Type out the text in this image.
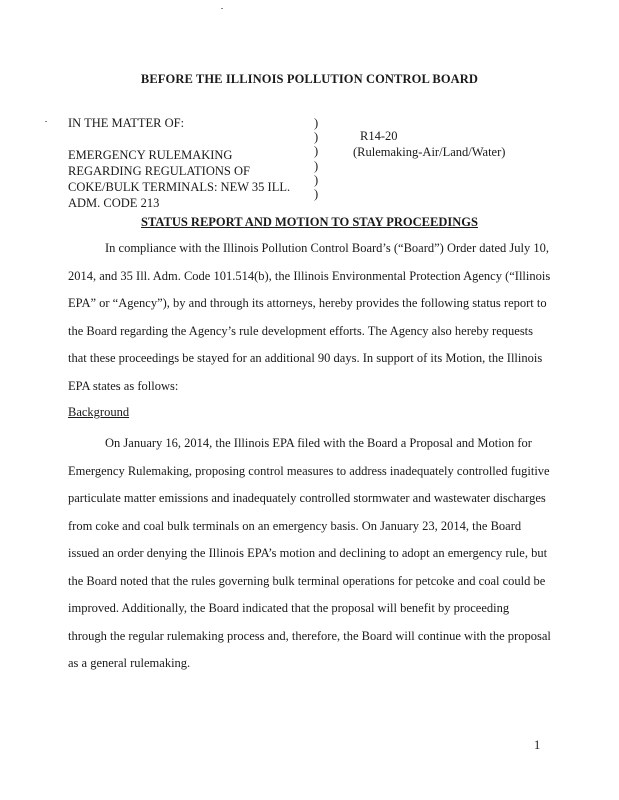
BEFORE THE ILLINOIS POLLUTION CONTROL BOARD
IN THE MATTER OF:
EMERGENCY RULEMAKING
REGARDING REGULATIONS OF
COKE/BULK TERMINALS: NEW 35 ILL.
ADM. CODE 213
)
)
)
)
)
)
R14-20
(Rulemaking-Air/Land/Water)
STATUS REPORT AND MOTION TO STAY PROCEEDINGS
In compliance with the Illinois Pollution Control Board’s (“Board”) Order dated July 10,
2014, and 35 Ill. Adm. Code 101.514(b), the Illinois Environmental Protection Agency (“Illinois
EPA” or “Agency”), by and through its attorneys, hereby provides the following status report to
the Board regarding the Agency’s rule development efforts. The Agency also hereby requests
that these proceedings be stayed for an additional 90 days. In support of its Motion, the Illinois
EPA states as follows:
Background
On January 16, 2014, the Illinois EPA filed with the Board a Proposal and Motion for
Emergency Rulemaking, proposing control measures to address inadequately controlled fugitive
particulate matter emissions and inadequately controlled stormwater and wastewater discharges
from coke and coal bulk terminals on an emergency basis. On January 23, 2014, the Board
issued an order denying the Illinois EPA’s motion and declining to adopt an emergency rule, but
the Board noted that the rules governing bulk terminal operations for petcoke and coal could be
improved. Additionally, the Board indicated that the proposal will benefit by proceeding
through the regular rulemaking process and, therefore, the Board will continue with the proposal
as a general rulemaking.
1
